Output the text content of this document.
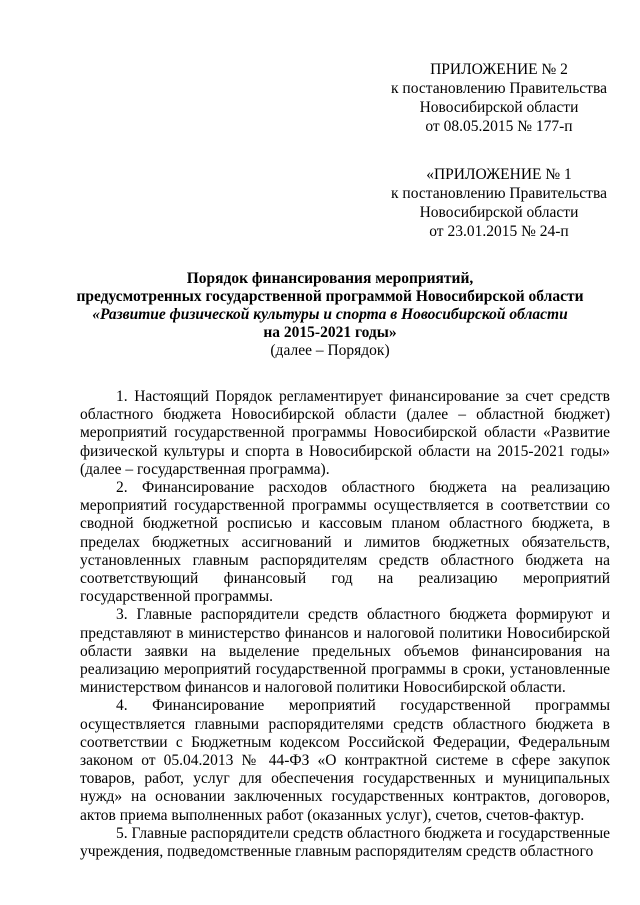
ПРИЛОЖЕНИЕ № 2
к постановлению Правительства
Новосибирской области
от 08.05.2015 № 177-п
«ПРИЛОЖЕНИЕ № 1
к постановлению Правительства
Новосибирской области
от 23.01.2015 № 24-п
Порядок финансирования мероприятий,
предусмотренных государственной программой Новосибирской области
«Развитие физической культуры и спорта в Новосибирской области
на 2015-2021 годы»
(далее – Порядок)

1. Настоящий Порядок регламентирует финансирование за счет средств областного бюджета Новосибирской области (далее – областной бюджет) мероприятий государственной программы Новосибирской области «Развитие физической культуры и спорта в Новосибирской области на 2015-2021 годы» (далее – государственная программа).

2. Финансирование расходов областного бюджета на реализацию мероприятий государственной программы осуществляется в соответствии со сводной бюджетной росписью и кассовым планом областного бюджета, в пределах бюджетных ассигнований и лимитов бюджетных обязательств, установленных главным распорядителям средств областного бюджета на соответствующий финансовый год на реализацию мероприятий государственной программы.

3. Главные распорядители средств областного бюджета формируют и представляют в министерство финансов и налоговой политики Новосибирской области заявки на выделение предельных объемов финансирования на реализацию мероприятий государственной программы в сроки, установленные министерством финансов и налоговой политики Новосибирской области.

4. Финансирование мероприятий государственной программы осуществляется главными распорядителями средств областного бюджета в соответствии с Бюджетным кодексом Российской Федерации, Федеральным законом от 05.04.2013 № 44-ФЗ «О контрактной системе в сфере закупок товаров, работ, услуг для обеспечения государственных и муниципальных нужд» на основании заключенных государственных контрактов, договоров, актов приема выполненных работ (оказанных услуг), счетов, счетов-фактур.

5. Главные распорядители средств областного бюджета и государственные учреждения, подведомственные главным распорядителям средств областного
